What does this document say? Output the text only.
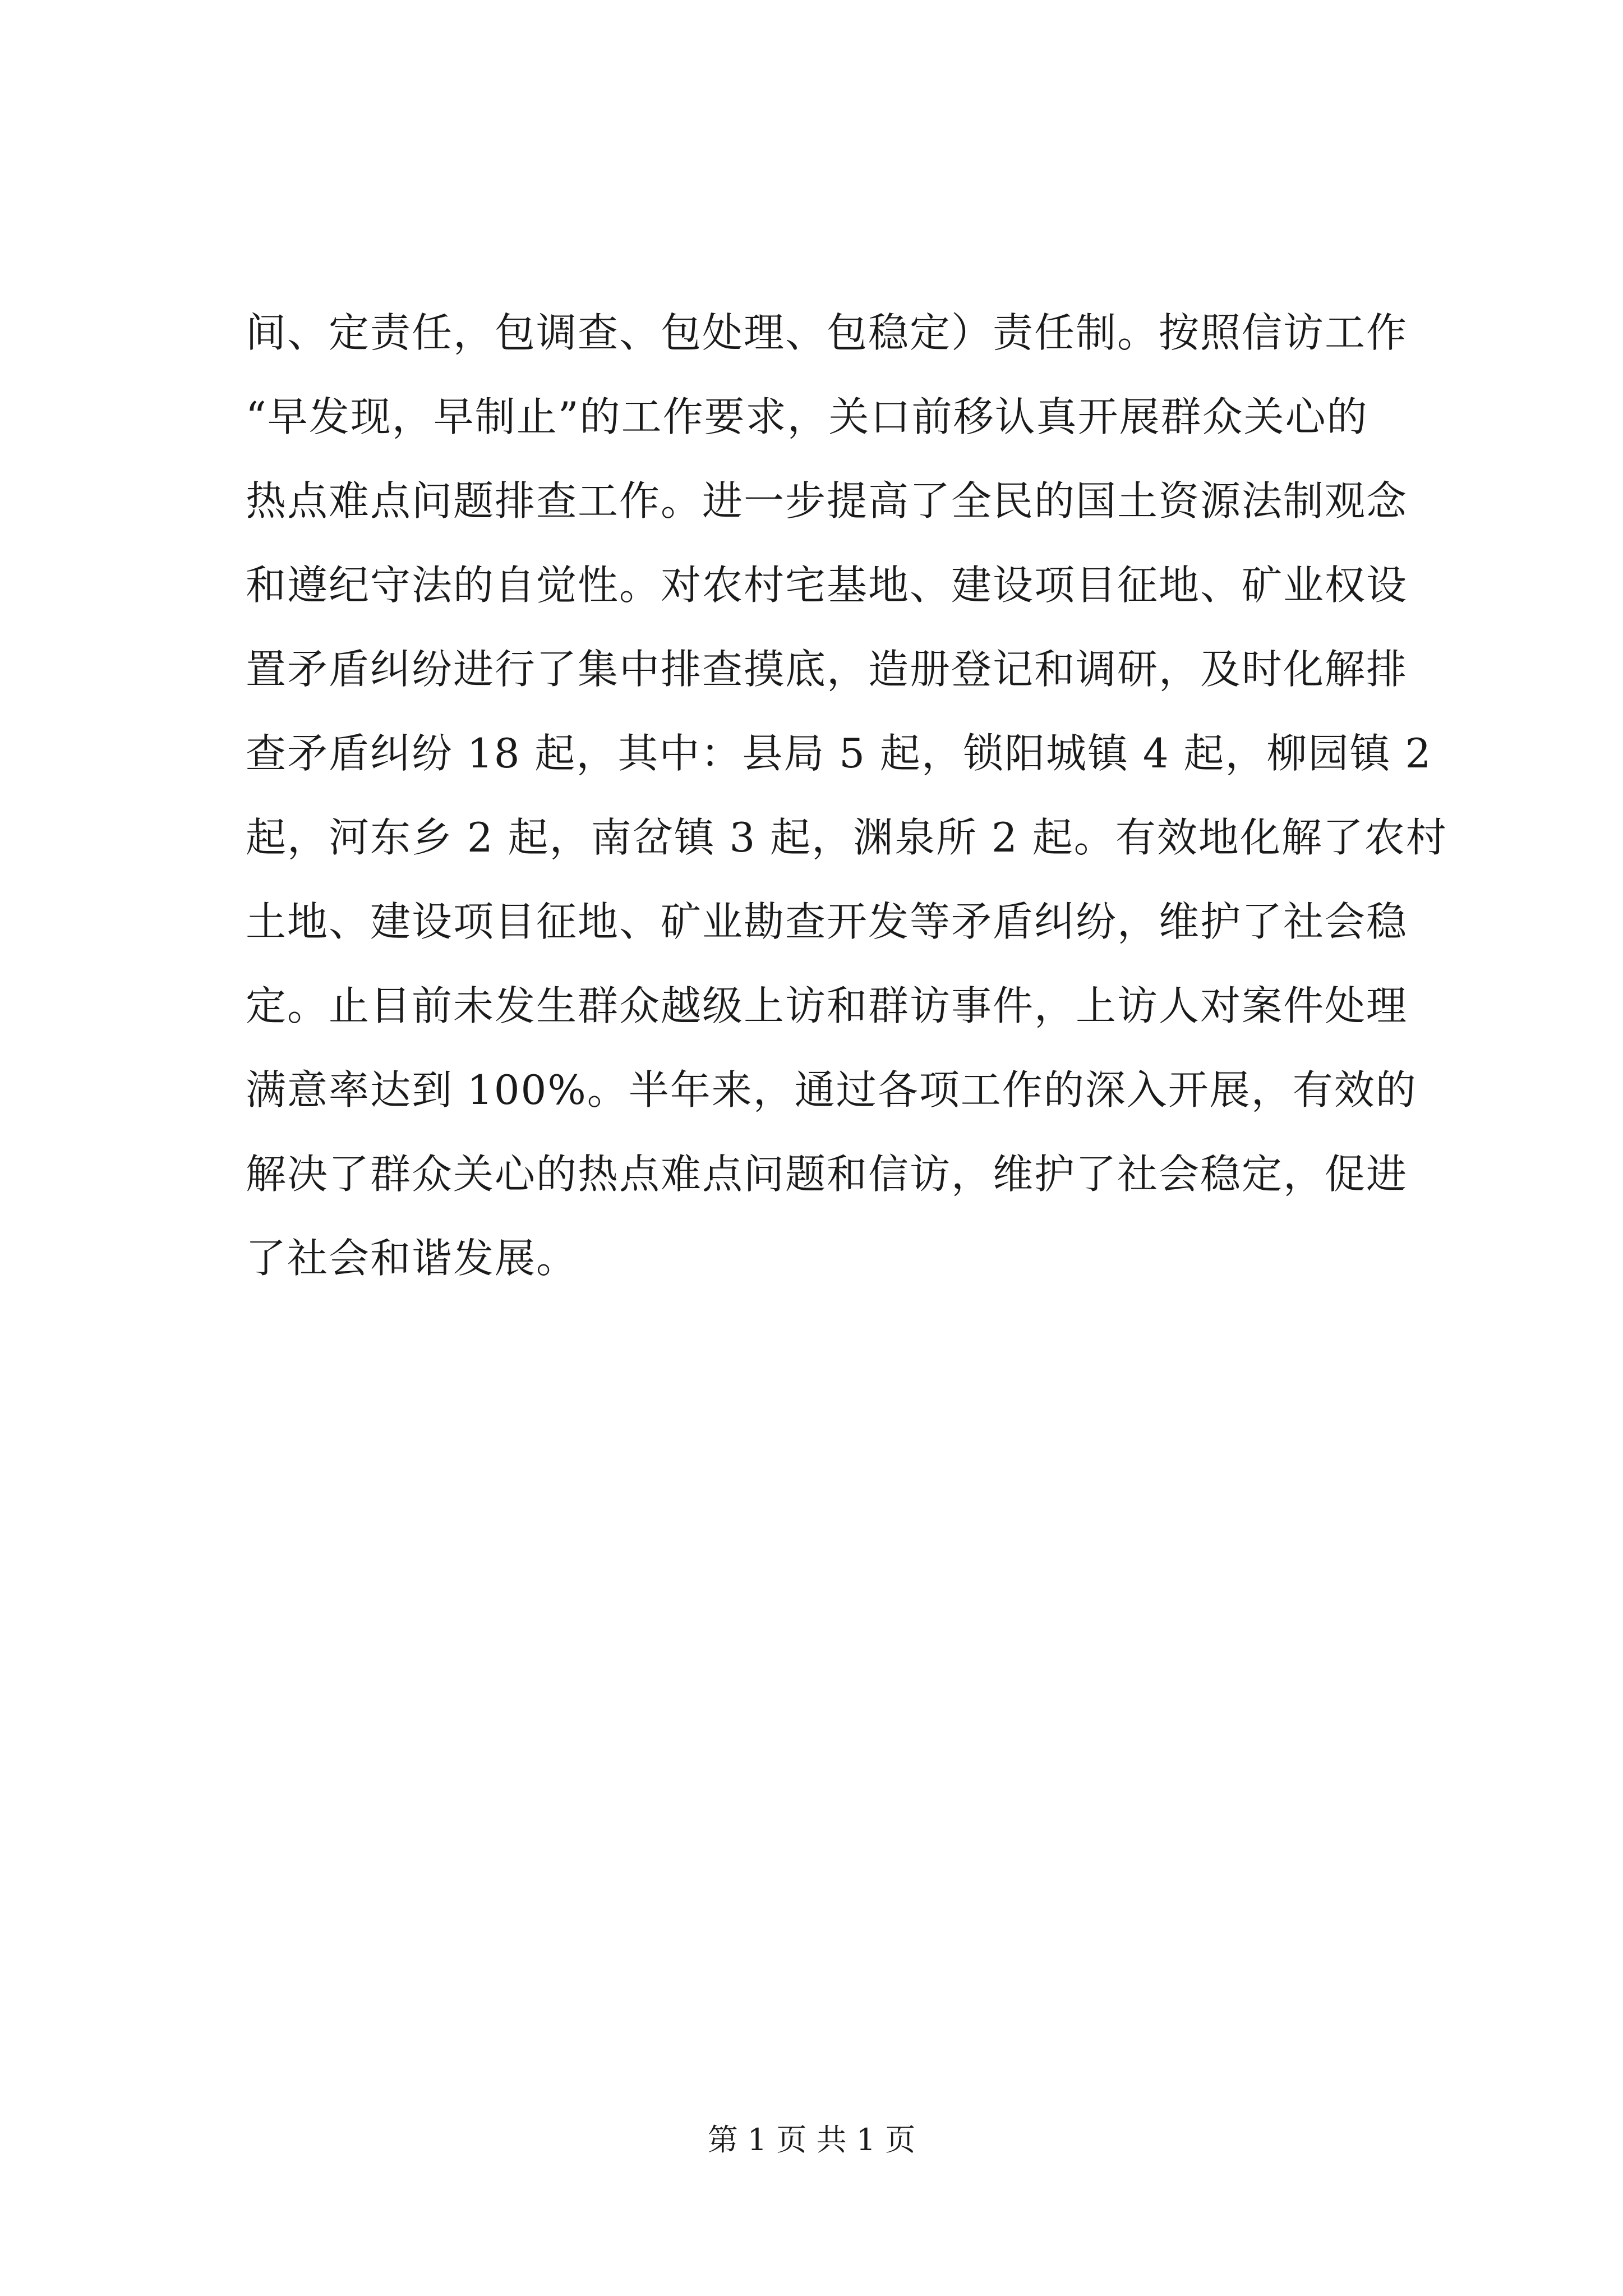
间、定责任，包调查、包处理、包稳定）责任制。按照信访工作
“早发现，早制止”的工作要求，关口前移认真开展群众关心的
热点难点问题排查工作。进一步提高了全民的国土资源法制观念
和遵纪守法的自觉性。对农村宅基地、建设项目征地、矿业权设
置矛盾纠纷进行了集中排查摸底，造册登记和调研，及时化解排
查矛盾纠纷 18 起，其中：县局 5 起，锁阳城镇 4 起，柳园镇 2
起，河东乡 2 起，南岔镇 3 起，渊泉所 2 起。有效地化解了农村
土地、建设项目征地、矿业勘查开发等矛盾纠纷，维护了社会稳
定。止目前未发生群众越级上访和群访事件，上访人对案件处理
满意率达到 100%。半年来，通过各项工作的深入开展，有效的
解决了群众关心的热点难点问题和信访，维护了社会稳定，促进
了社会和谐发展。
第 1 页 共 1 页
